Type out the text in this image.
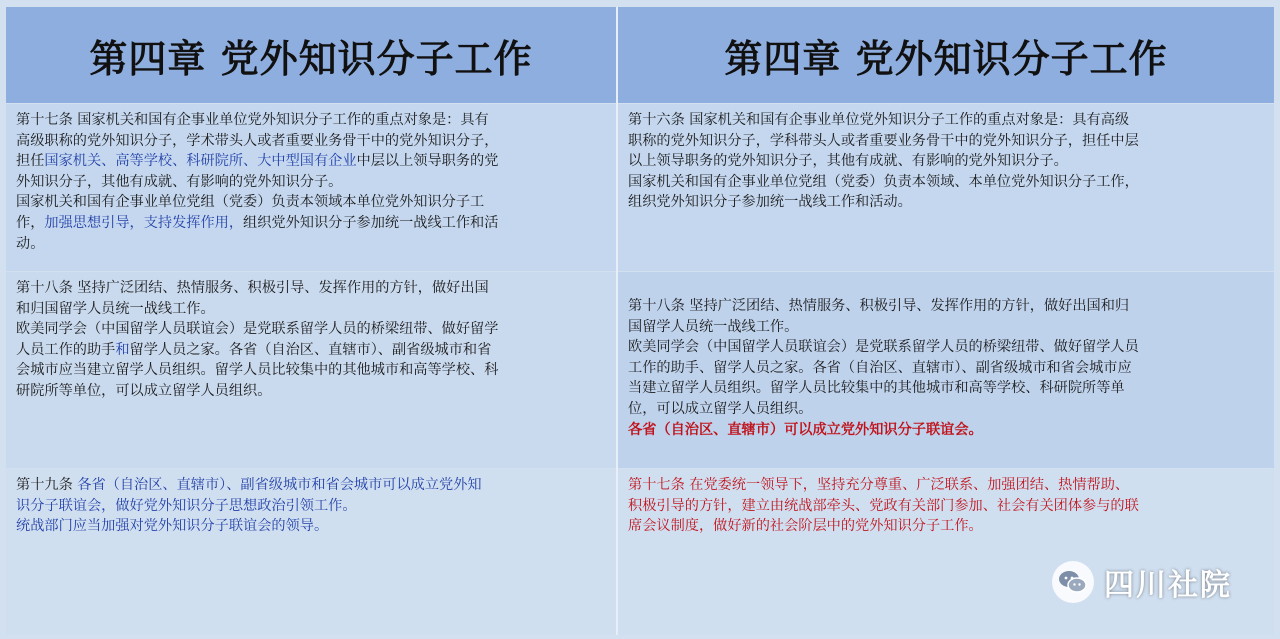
第四章 党外知识分子工作	第四章 党外知识分子工作

第十七条 国家机关和国有企事业单位党外知识分子工作的重点对象是：具有

高级职称的党外知识分子，学术带头人或者重要业务骨干中的党外知识分子，

担任国家机关、高等学校、科研院所、大中型国有企业中层以上领导职务的党

外知识分子，其他有成就、有影响的党外知识分子。

国家机关和国有企事业单位党组（党委）负责本领域本单位党外知识分子工

作，加强思想引导，支持发挥作用，组织党外知识分子参加统一战线工作和活

动。

第十六条 国家机关和国有企事业单位党外知识分子工作的重点对象是：具有高级

职称的党外知识分子，学科带头人或者重要业务骨干中的党外知识分子，担任中层

以上领导职务的党外知识分子，其他有成就、有影响的党外知识分子。

国家机关和国有企事业单位党组（党委）负责本领域、本单位党外知识分子工作，

组织党外知识分子参加统一战线工作和活动。

第十八条 坚持广泛团结、热情服务、积极引导、发挥作用的方针，做好出国

和归国留学人员统一战线工作。

欧美同学会（中国留学人员联谊会）是党联系留学人员的桥梁纽带、做好留学

人员工作的助手和留学人员之家。各省（自治区、直辖市）、副省级城市和省

会城市应当建立留学人员组织。留学人员比较集中的其他城市和高等学校、科

研院所等单位，可以成立留学人员组织。

第十八条 坚持广泛团结、热情服务、积极引导、发挥作用的方针，做好出国和归

国留学人员统一战线工作。

欧美同学会（中国留学人员联谊会）是党联系留学人员的桥梁纽带、做好留学人员

工作的助手、留学人员之家。各省（自治区、直辖市）、副省级城市和省会城市应

当建立留学人员组织。留学人员比较集中的其他城市和高等学校、科研院所等单

位，可以成立留学人员组织。

各省（自治区、直辖市）可以成立党外知识分子联谊会。

第十九条 各省（自治区、直辖市）、副省级城市和省会城市可以成立党外知

识分子联谊会，做好党外知识分子思想政治引领工作。

统战部门应当加强对党外知识分子联谊会的领导。

第十七条 在党委统一领导下，坚持充分尊重、广泛联系、加强团结、热情帮助、

积极引导的方针，建立由统战部牵头、党政有关部门参加、社会有关团体参与的联

席会议制度，做好新的社会阶层中的党外知识分子工作。

四川社院
